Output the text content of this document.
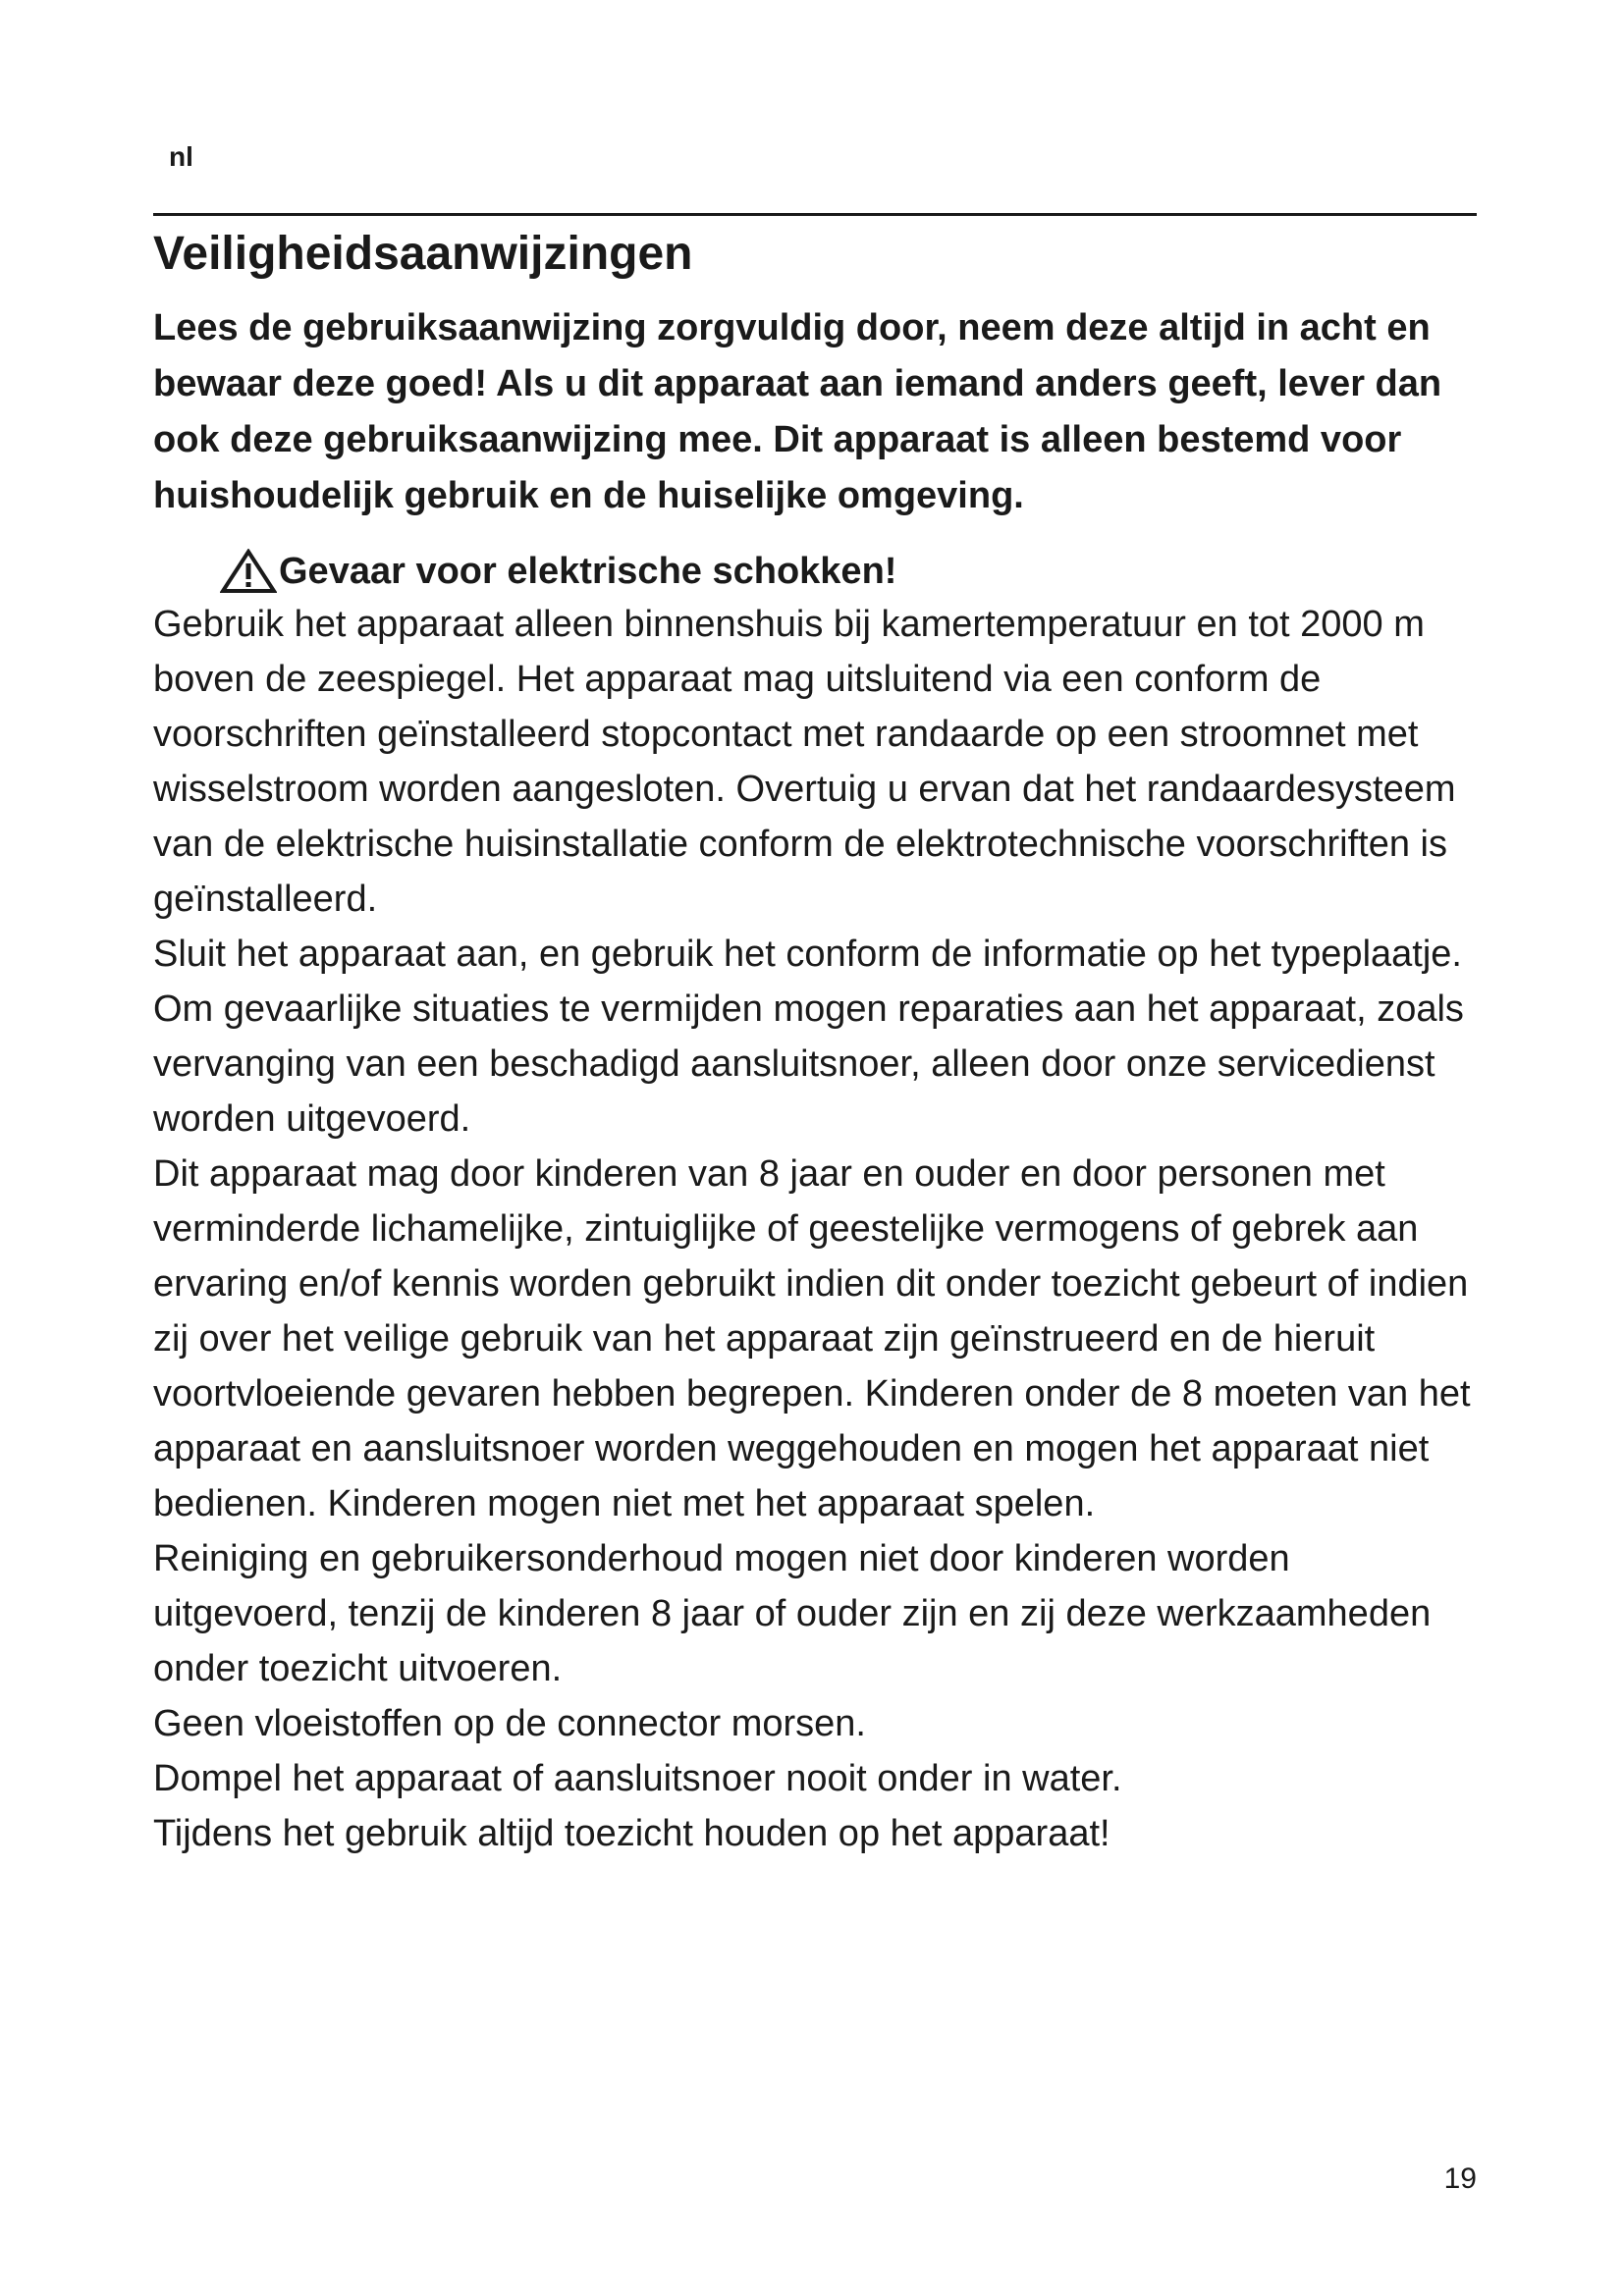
nl
Veiligheidsaanwijzingen

Lees de gebruiksaanwijzing zorgvuldig door, neem deze altijd in acht en bewaar deze goed! Als u dit apparaat aan iemand anders geeft, lever dan ook deze gebruiksaanwijzing mee. Dit apparaat is alleen bestemd voor huishoudelijk gebruik en de huiselijke omgeving.

Gevaar voor elektrische schokken!

Gebruik het apparaat alleen binnenshuis bij kamertemperatuur en tot 2000 m boven de zeespiegel. Het apparaat mag uitsluitend via een conform de voorschriften geïnstalleerd stopcontact met randaarde op een stroomnet met wisselstroom worden aangesloten. Overtuig u ervan dat het randaardesysteem van de elektrische huisinstallatie conform de elektrotechnische voorschriften is geïnstalleerd.

Sluit het apparaat aan, en gebruik het conform de informatie op het typeplaatje. Om gevaarlijke situaties te vermijden mogen reparaties aan het apparaat, zoals vervanging van een beschadigd aansluitsnoer, alleen door onze servicedienst worden uitgevoerd.

Dit apparaat mag door kinderen van 8 jaar en ouder en door personen met verminderde lichamelijke, zintuiglijke of geestelijke vermogens of gebrek aan ervaring en/of kennis worden gebruikt indien dit onder toezicht gebeurt of indien zij over het veilige gebruik van het apparaat zijn geïnstrueerd en de hieruit voortvloeiende gevaren hebben begrepen. Kinderen onder de 8 moeten van het apparaat en aansluitsnoer worden weggehouden en mogen het apparaat niet bedienen. Kinderen mogen niet met het apparaat spelen.

Reiniging en gebruikersonderhoud mogen niet door kinderen worden uitgevoerd, tenzij de kinderen 8 jaar of ouder zijn en zij deze werkzaamheden onder toezicht uitvoeren.

Geen vloeistoffen op de connector morsen.

Dompel het apparaat of aansluitsnoer nooit onder in water.

Tijdens het gebruik altijd toezicht houden op het apparaat!

19
